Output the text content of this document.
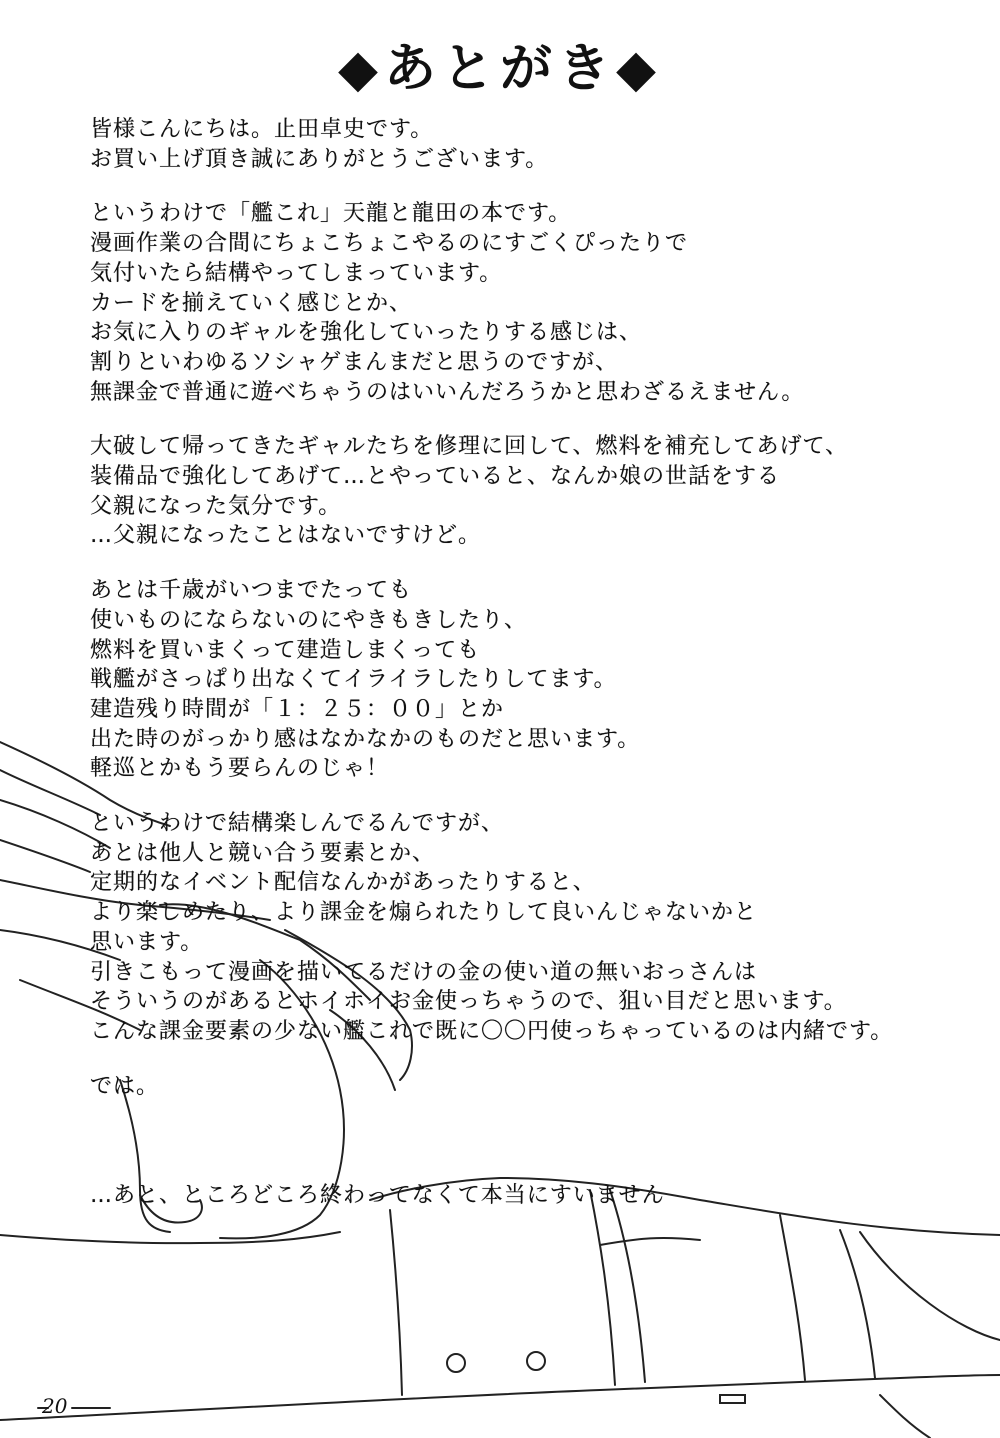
◆あとがき◆
皆様こんにちは。止田卓史です。
お買い上げ頂き誠にありがとうございます。
というわけで「艦これ」天龍と龍田の本です。
漫画作業の合間にちょこちょこやるのにすごくぴったりで
気付いたら結構やってしまっています。
カードを揃えていく感じとか、
お気に入りのギャルを強化していったりする感じは、
割りといわゆるソシャゲまんまだと思うのですが、
無課金で普通に遊べちゃうのはいいんだろうかと思わざるえません。
大破して帰ってきたギャルたちを修理に回して、燃料を補充してあげて、
装備品で強化してあげて…とやっていると、なんか娘の世話をする
父親になった気分です。
…父親になったことはないですけど。
あとは千歳がいつまでたっても
使いものにならないのにやきもきしたり、
燃料を買いまくって建造しまくっても
戦艦がさっぱり出なくてイライラしたりしてます。
建造残り時間が「１：２５：００」とか
出た時のがっかり感はなかなかのものだと思います。
軽巡とかもう要らんのじゃ！
というわけで結構楽しんでるんですが、
あとは他人と競い合う要素とか、
定期的なイベント配信なんかがあったりすると、
より楽しめたり、より課金を煽られたりして良いんじゃないかと
思います。
引きこもって漫画を描いてるだけの金の使い道の無いおっさんは
そういうのがあるとホイホイお金使っちゃうので、狙い目だと思います。
こんな課金要素の少ない艦これで既に〇〇円使っちゃっているのは内緒です。
では。

…あと、ところどころ終わってなくて本当にすいません
20
